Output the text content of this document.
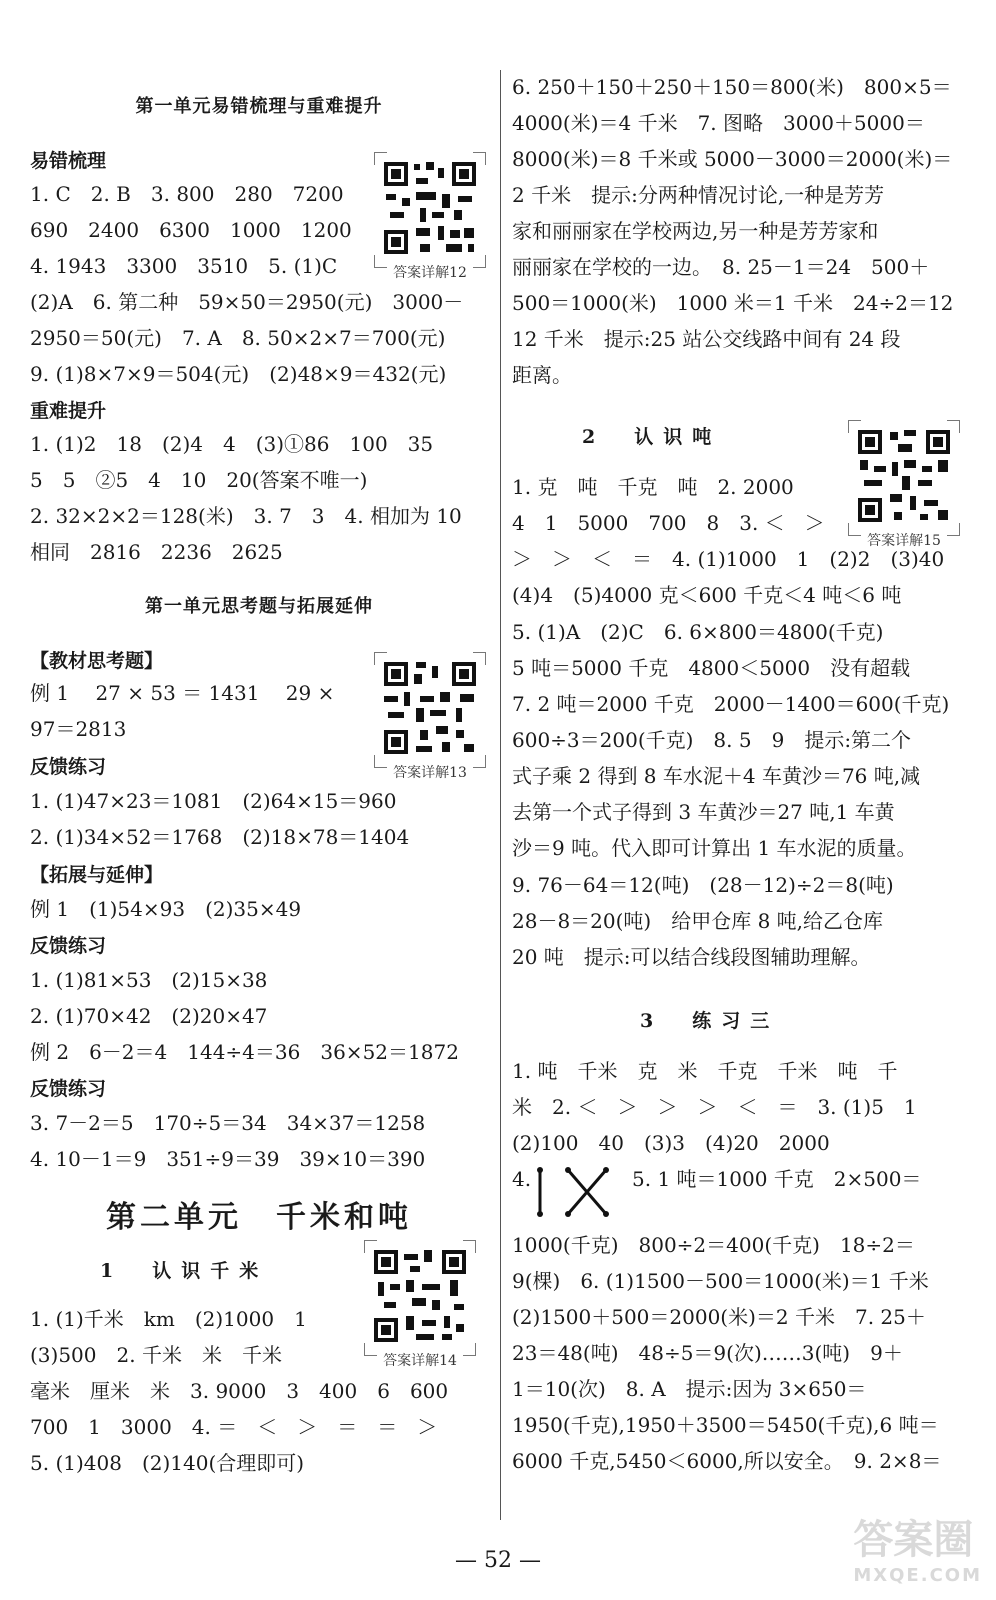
第一单元易错梳理与重难提升
易错梳理
1. C　2. B　3. 800　280　7200
690　2400　6300　1000　1200
4. 1943　3300　3510　5. (1)C
(2)A　6. 第二种　59×50＝2950(元)　3000－
2950＝50(元)　7. A　8. 50×2×7＝700(元)
9. (1)8×7×9＝504(元)　(2)48×9＝432(元)
重难提升
1. (1)2　18　(2)4　4　(3)①86　100　35
5　5　②5　4　10　20(答案不唯一)
2. 32×2×2＝128(米)　3. 7　3　4. 相加为 10
相同　2816　2236　2625
答案详解12
第一单元思考题与拓展延伸
【教材思考题】
例 1　 27 × 53 ＝ 1431　 29 ×
97＝2813
反馈练习
1. (1)47×23＝1081　(2)64×15＝960
2. (1)34×52＝1768　(2)18×78＝1404
【拓展与延伸】
例 1　(1)54×93　(2)35×49
反馈练习
1. (1)81×53　(2)15×38
2. (1)70×42　(2)20×47
例 2　6－2＝4　144÷4＝36　36×52＝1872
反馈练习
3. 7－2＝5　170÷5＝34　34×37＝1258
4. 10－1＝9　351÷9＝39　39×10＝390
答案详解13
第二单元　千米和吨
1　认识千米
1. (1)千米　km　(2)1000　1
(3)500　2. 千米　米　千米
毫米　厘米　米　3. 9000　3　400　6　600
700　1　3000　4. ＝　＜　＞　＝　＝　＞
5. (1)408　(2)140(合理即可)
答案详解14
6. 250＋150＋250＋150＝800(米)　800×5＝
4000(米)＝4 千米　7. 图略　3000＋5000＝
8000(米)＝8 千米或 5000－3000＝2000(米)＝
2 千米　提示:分两种情况讨论,一种是芳芳
家和丽丽家在学校两边,另一种是芳芳家和
丽丽家在学校的一边。　8. 25－1＝24　500＋
500＝1000(米)　1000 米＝1 千米　24÷2＝12
12 千米　提示:25 站公交线路中间有 24 段
距离。
2　认识吨
1. 克　吨　千克　吨　2. 2000
4　1　5000　700　8　3. ＜　＞
＞　＞　＜　＝　4. (1)1000　1　(2)2　(3)40
(4)4　(5)4000 克＜600 千克＜4 吨＜6 吨
5. (1)A　(2)C　6. 6×800＝4800(千克)
5 吨＝5000 千克　4800＜5000　没有超载
7. 2 吨＝2000 千克　2000－1400＝600(千克)
600÷3＝200(千克)　8. 5　9　提示:第二个
式子乘 2 得到 8 车水泥＋4 车黄沙＝76 吨,减
去第一个式子得到 3 车黄沙＝27 吨,1 车黄
沙＝9 吨。代入即可计算出 1 车水泥的质量。
9. 76－64＝12(吨)　(28－12)÷2＝8(吨)
28－8＝20(吨)　给甲仓库 8 吨,给乙仓库
20 吨　提示:可以结合线段图辅助理解。
答案详解15
3　练习三
1. 吨　千米　克　米　千克　千米　吨　千
米　2. ＜　＞　＞　＞　＜　＝　3. (1)5　1
(2)100　40　(3)3　(4)20　2000
4.	5. 1 吨＝1000 千克　2×500＝
1000(千克)　800÷2＝400(千克)　18÷2＝
9(棵)　6. (1)1500－500＝1000(米)＝1 千米
(2)1500＋500＝2000(米)＝2 千米　7. 25＋
23＝48(吨)　48÷5＝9(次)……3(吨)　9＋
1＝10(次)　8. A　提示:因为 3×650＝
1950(千克),1950＋3500＝5450(千克),6 吨＝
6000 千克,5450＜6000,所以安全。　9. 2×8＝
— 52 —	答案圈
MXQE.COM
